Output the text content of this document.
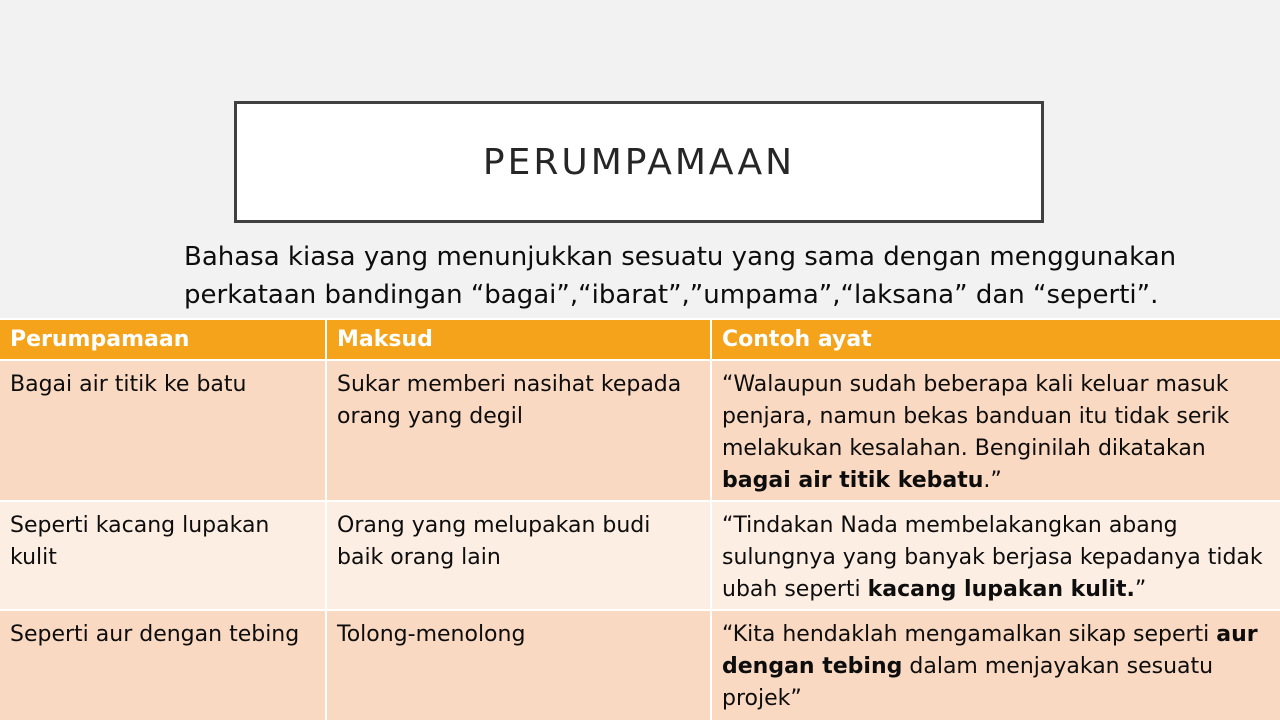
PERUMPAMAAN
Bahasa kiasa yang menunjukkan sesuatu yang sama dengan menggunakan
perkataan bandingan “bagai”,“ibarat”,”umpama”,“laksana” dan “seperti”.
Perumpamaan	Maksud	Contoh ayat
Bagai air titik ke batu	Sukar memberi nasihat kepada orang yang degil	“Walaupun sudah beberapa kali keluar masuk penjara, namun bekas banduan itu tidak serik melakukan kesalahan. Benginilah dikatakan bagai air titik kebatu.”
Seperti kacang lupakan kulit	Orang yang melupakan budi baik orang lain	“Tindakan Nada membelakangkan abang sulungnya yang banyak berjasa kepadanya tidak ubah seperti kacang lupakan kulit.”
Seperti aur dengan tebing	Tolong-menolong	“Kita hendaklah mengamalkan sikap seperti aur dengan tebing dalam menjayakan sesuatu projek”
